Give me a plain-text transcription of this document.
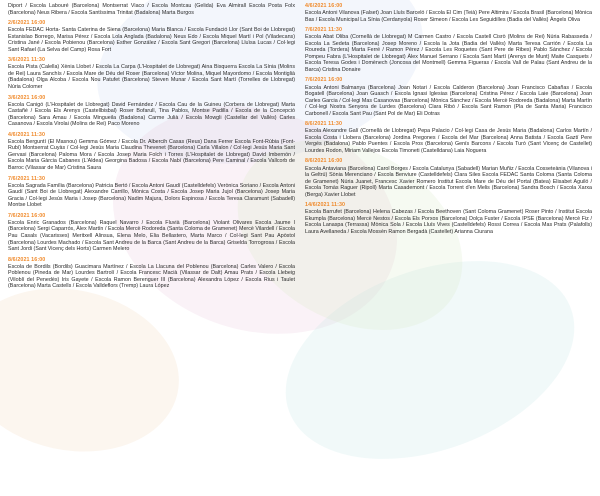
Diport / Escola Labouré (Barcelona) Montserrat Viaco / Escola Montcau (Gelida) Eva Almirall Escola Posta Folx (Barcelona) Neus Ribera / Escola Santíssima Trinitat (Badalona) Marta Burgos
2/6/2021 16:00
Escola FEDAC Horta- Santa Caterina de Siena (Barcelona) Maria Blanca / Escola Fundació Llor (Sant Boi de Llobregat) Estanislao Borrego, Marisa Pérez / Escola Lola Anglada (Badalona) Neus Edo / Escola Miquel Martí i Pol (Viladecans) Cristina Jané / Escola Pobienou (Barcelona) Esther González / Escola Sant Gregori (Barcelona) Lluïsa Lucas / Col·legi Sant Rafael (La Selva del Camp) Rosa Fort
3/6/2021 11:30
Escola Pista (Calella) Xènia Llobet / Escola La Carpa (L'Hospitalet de Llobregat) Aina Bisquerra Escola La Sínia (Molins de Rei) Laura Sanchís / Escola Mare de Déu del Roser (Barcelona) Víctor Molina, Miquel Mayordomo / Escola Montiglià (Badalona) Olga Alcoba / Escola Nou Patufet (Barcelona) Steven Munar / Escola Sant Martí (Torrelles de Llobregat) Núria Colomer
3/6/2021 16:00
Escola Canigó (L'Hospitalet de Llobregat) David Fernández / Escola Cau de la Guineu (Corbera de Llobregat) Marta Castañé / Escola Els Arenys (Castellbisbal) Roser Bofarull, Tina Pablos, Montse Padilla / Escola de la Concepció (Barcelona) Sara Amau / Escola Mingueila (Badalona) Carme Julià / Escola Mowgli (Castellar del Vallès) Carles Casanova / Escola Virolai (Molins de Rei) Paco Moreno
4/6/2021 11:30
Escola Berguntí (El Masnou) Gemma Gómez / Escola Dr. Albercih Casas (Reus) Dana Ferrer Escola Font-Rúbia (Font-Rubí) Montserrat Cuyàs / Col·legi Jesús Maria Claudina Thevenet (Barcelona) Carla Villalon / Col·legi Jesús Maria Sant Gervasi (Barcelona) Paloma Mora / Escola Josep Maria Folch i Torres (L'Hospitalet de Llobregat) David Imbernón / Escola Maria Gàrcia Cabanes (L'Aldea) Georgina Badosa / Escola Nabí (Barcelona) Pere Caminal / Escola Vallcorb de Barroc (Vilassar de Mar) Cristina Saura
7/6/2021 11:30
Escola Sagrada Família (Barcelona) Patricia Bertó / Escola Antoni Gaudí (Castelldefels) Verònica Soriano / Escola Antoni Gaudí (Sant Boi de Llobregat) Alexandre Carrillo, Mònica Costa / Escola Josep Maria Jujol (Barcelona) Josep Maria Gracia / Col·legi Jesús Maria i Josep (Barcelona) Nadim Majura, Dolors Espinosa / Escola Teresa Claramunt (Sabadell) Montse Llobet
7/6/2021 16:00
Escola Enric Granados (Barcelona) Raquel Navarro / Escola Fluvià (Barcelona) Violant Olivares Escola Jaume I (Barcelona) Sergi Caparrós, Àlex Martín / Escola Mercè Rodoreda (Santa Coloma de Gramenet) Mercè Vilardell / Escola Pau Casals (Vacarisses) Meritxell Alinsua, Elena Melo, Elia Bellastero, Marta Marco / Col·legi Sant Pau Apòstol (Barcelona) Lourdes Machado / Escola Sant Andreu de la Barca (Sant Andreu de la Barca) Griselda Torrogrosa / Escola Sant Jordi (Sant Vicenç dels Horts) Carmen Melero
8/6/2021 16:00
Escola de Bordils (Bordils) Guacimara Martínez / Escola La Llacuna del Poblenou (Barcelona) Carles Valero / Escola Poblenou (Pineda de Mar) Lourdes Bartrolí / Escola Francesc Macià (Vilassar de Dalt) Amau Prats / Escola Llebeig (Viloblí del Penedès) Iris Gayete / Escola Ramon Berenguer III (Barcelona) Alexandra López / Escola Rius i Taulet (Barcelona) Marta Castells / Escola Valldeflors (Tremp) Laura López
4/6/2021 16:00
Escola Antoni Vilanova (Falset) Joan Lluís Barceló / Escola El Cim (Teià) Pere Altimira / Escola Brasil (Barcelona) Mònica Bas / Escola Municipal La Sínia (Cerdanyola) Roser Simeon / Escola Les Seguidilles (Badia del Vallès) Àngels Oliva
7/6/2021 11:30
Escola Abat Oliba (Cornellà de Llobregat) M Carmen Castro / Escola Castell Cisrò (Molins de Rei) Núria Rabasseda / Escola La Sedeta (Barcelona) Josep Moreno / Escola la Jota (Badia del Vallès) Marta Teresa Carrión / Escola La Roureda (Tordera) Marta Ferré / Ramon Pérez / Escola Les Roquetes (Sant Pere de Ribes) Pablo Sánchez / Escola Pompeu Fabra (L'Hospitalet de Llobregat) Àlex Manuel Serrano / Escola Sant Martí (Arenys de Munt) Maite Casquets / Escola Teresa Godes i Domènech (Joncosa del Montmell) Gemma Figueras / Escola Vall de Palau (Sant Andreu de la Barca) Cristina Donaire
7/6/2021 16:00
Escola Antoni Balmanya (Barcelona) Joan Notari / Escola Calderon (Barcelona) Joan Francisco Cabañas / Escola Bogatell (Barcelona) Joan Guasch / Escola Ignasi Iglesias (Barcelona) Cristina Pérez / Escola Laie (Barcelona) Joan Carles Garcia / Col·legi Mas Casanovas (Barcelona) Mònica Sánchez / Escola Mercè Rodoreda (Badalona) Marta Martín / Col·legi Nostra Senyora de Lurdes (Barcelona) Clara Ribó / Escola Sant Ramon (Pla de Santa Maria) Francisco Carbonell / Escola Sant Pau (Sant Pol de Mar) Eli Dotras
8/6/2021 11:30
Escola Alexandre Galí (Cornellà de Llobregat) Pepa Palacio / Col·legi Casa de Jesús Maria (Badalona) Carlos Martín / Escola Costa i Llobera (Barcelona) Jordina Pregones / Escola del Mar (Barcelona) Anna Batista / Escola Gaztí Pere Vergés (Badalona) Pablo Puentes / Escola Pros (Barcelona) Genís Barcons / Escola Turó (Sant Vicenç de Castellet) Lourdes Rodon, Miriam Vallejos Escola Timoneti (Castelldana) Laia Noguera
8/6/2021 16:00
Escola Antaviana (Barcelona) Carol Borges / Escola Catalunya (Sabadell) Marian Muñiz / Escola Cosseteània (Vilanova i la Geltrú) Sònia Merenciano / Escola Benviure (Castelldefels) Clara Siles Escola FEDAC Santa Coloma (Santa Coloma de Gramenet) Núria Juanet, Francesc Xavier Romero Institut Escola Mare de Déu del Portal (Batea) Elisabet Aguiló / Escola Tomàs Raguer (Ripoll) Marta Casademont / Escola Torrent d'en Melis (Barcelona) Sandra Bosch / Escola Xarxa (Berga) Xavier Llobet
14/6/2021 11:30
Escola Barrufet (Barcelona) Helena Cabezas / Escola Beethoven (Sant Coloma Gramenet) Roser Pinto / Institut Escola Ekumpla (Barcelona) Mercè Nestos / Escola Els Porxos (Barcelona) Dolça Fuster / Escola IPSE (Barcelona) Mercè Fiz / Escola Lanaspa (Terrassa) Mònica Sola / Escola Lluís Vives (Castelldefels) Rossi Correa / Escola Mas Prats (Palafolls) Laura Avellaneda / Escola Mossèn Ramon Bergadà (Castellet) Arianna Ciurana
